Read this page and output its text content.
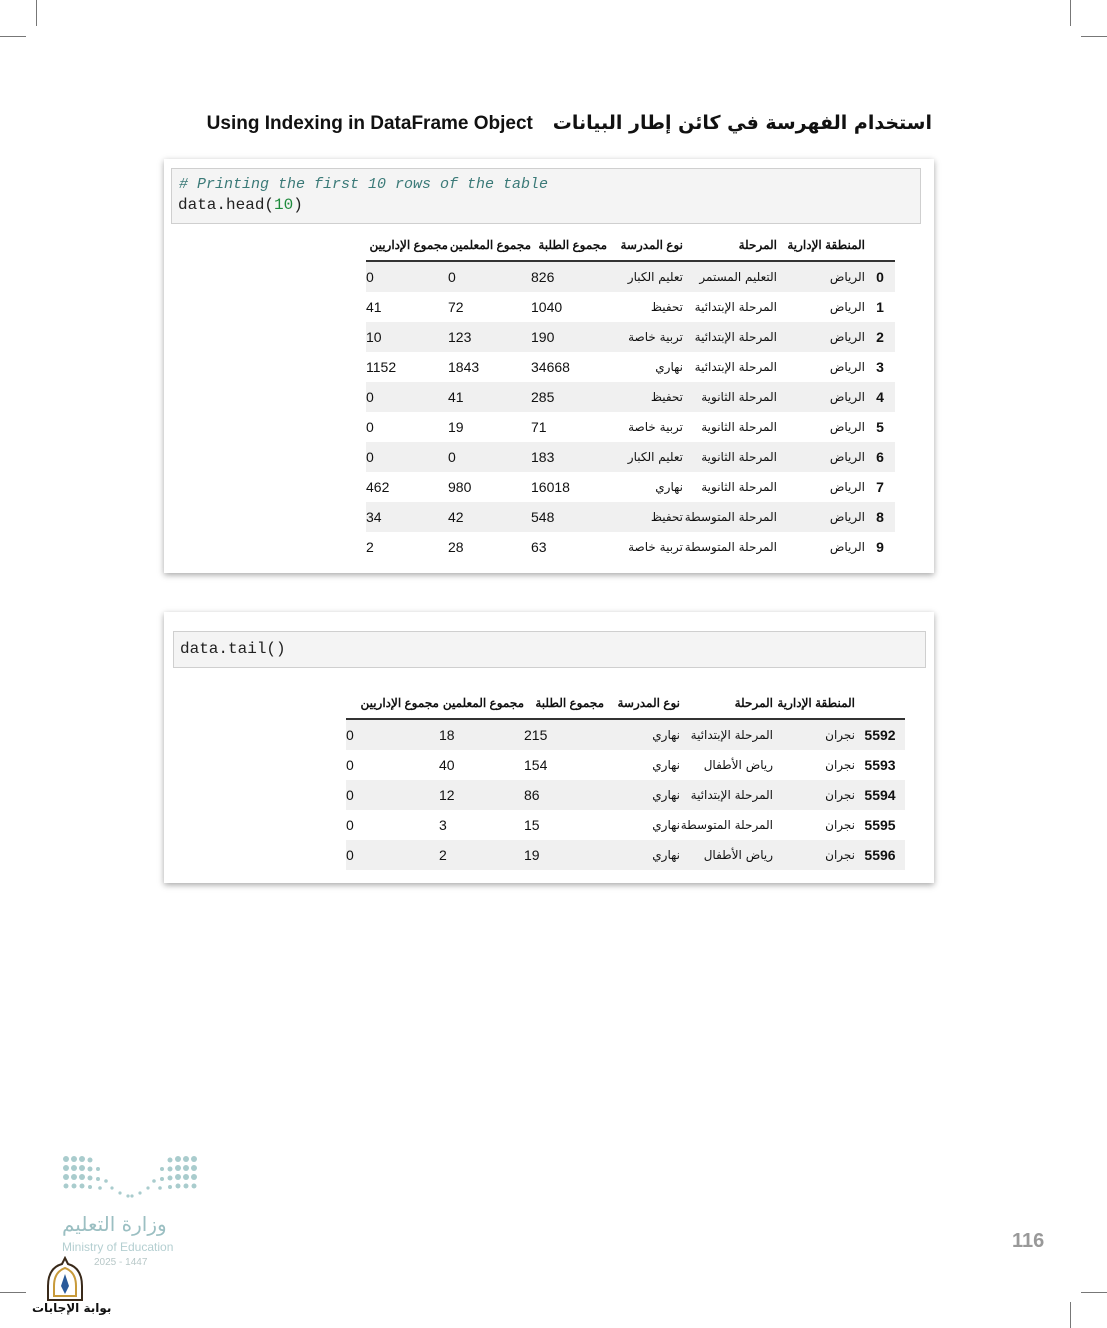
Using Indexing in DataFrame Object استخدام الفهرسة في كائن إطار البيانات
# Printing the first 10 rows of the table
data.head(10)
	المنطقة الإدارية	المرحلة	نوع المدرسة	مجموع الطلبة	مجموع المعلمين	مجموع الإداريين
0	الرياض	التعليم المستمر	تعليم الكبار	826	0	0
1	الرياض	المرحلة الإبتدائية	تحفيظ	1040	72	41
2	الرياض	المرحلة الإبتدائية	تربية خاصة	190	123	10
3	الرياض	المرحلة الإبتدائية	نهاري	34668	1843	1152
4	الرياض	المرحلة الثانوية	تحفيظ	285	41	0
5	الرياض	المرحلة الثانوية	تربية خاصة	71	19	0
6	الرياض	المرحلة الثانوية	تعليم الكبار	183	0	0
7	الرياض	المرحلة الثانوية	نهاري	16018	980	462
8	الرياض	المرحلة المتوسطة	تحفيظ	548	42	34
9	الرياض	المرحلة المتوسطة	تربية خاصة	63	28	2
data.tail()
	المنطقة الإدارية	المرحلة	نوع المدرسة	مجموع الطلبة	مجموع المعلمين	مجموع الإداريين
5592	نجران	المرحلة الإبتدائية	نهاري	215	18	0
5593	نجران	رياض الأطفال	نهاري	154	40	0
5594	نجران	المرحلة الإبتدائية	نهاري	86	12	0
5595	نجران	المرحلة المتوسطة	نهاري	15	3	0
5596	نجران	رياض الأطفال	نهاري	19	2	0
وزارة التعليم
Ministry of Education
2025 - 1447
بوابة الإجابات
116
